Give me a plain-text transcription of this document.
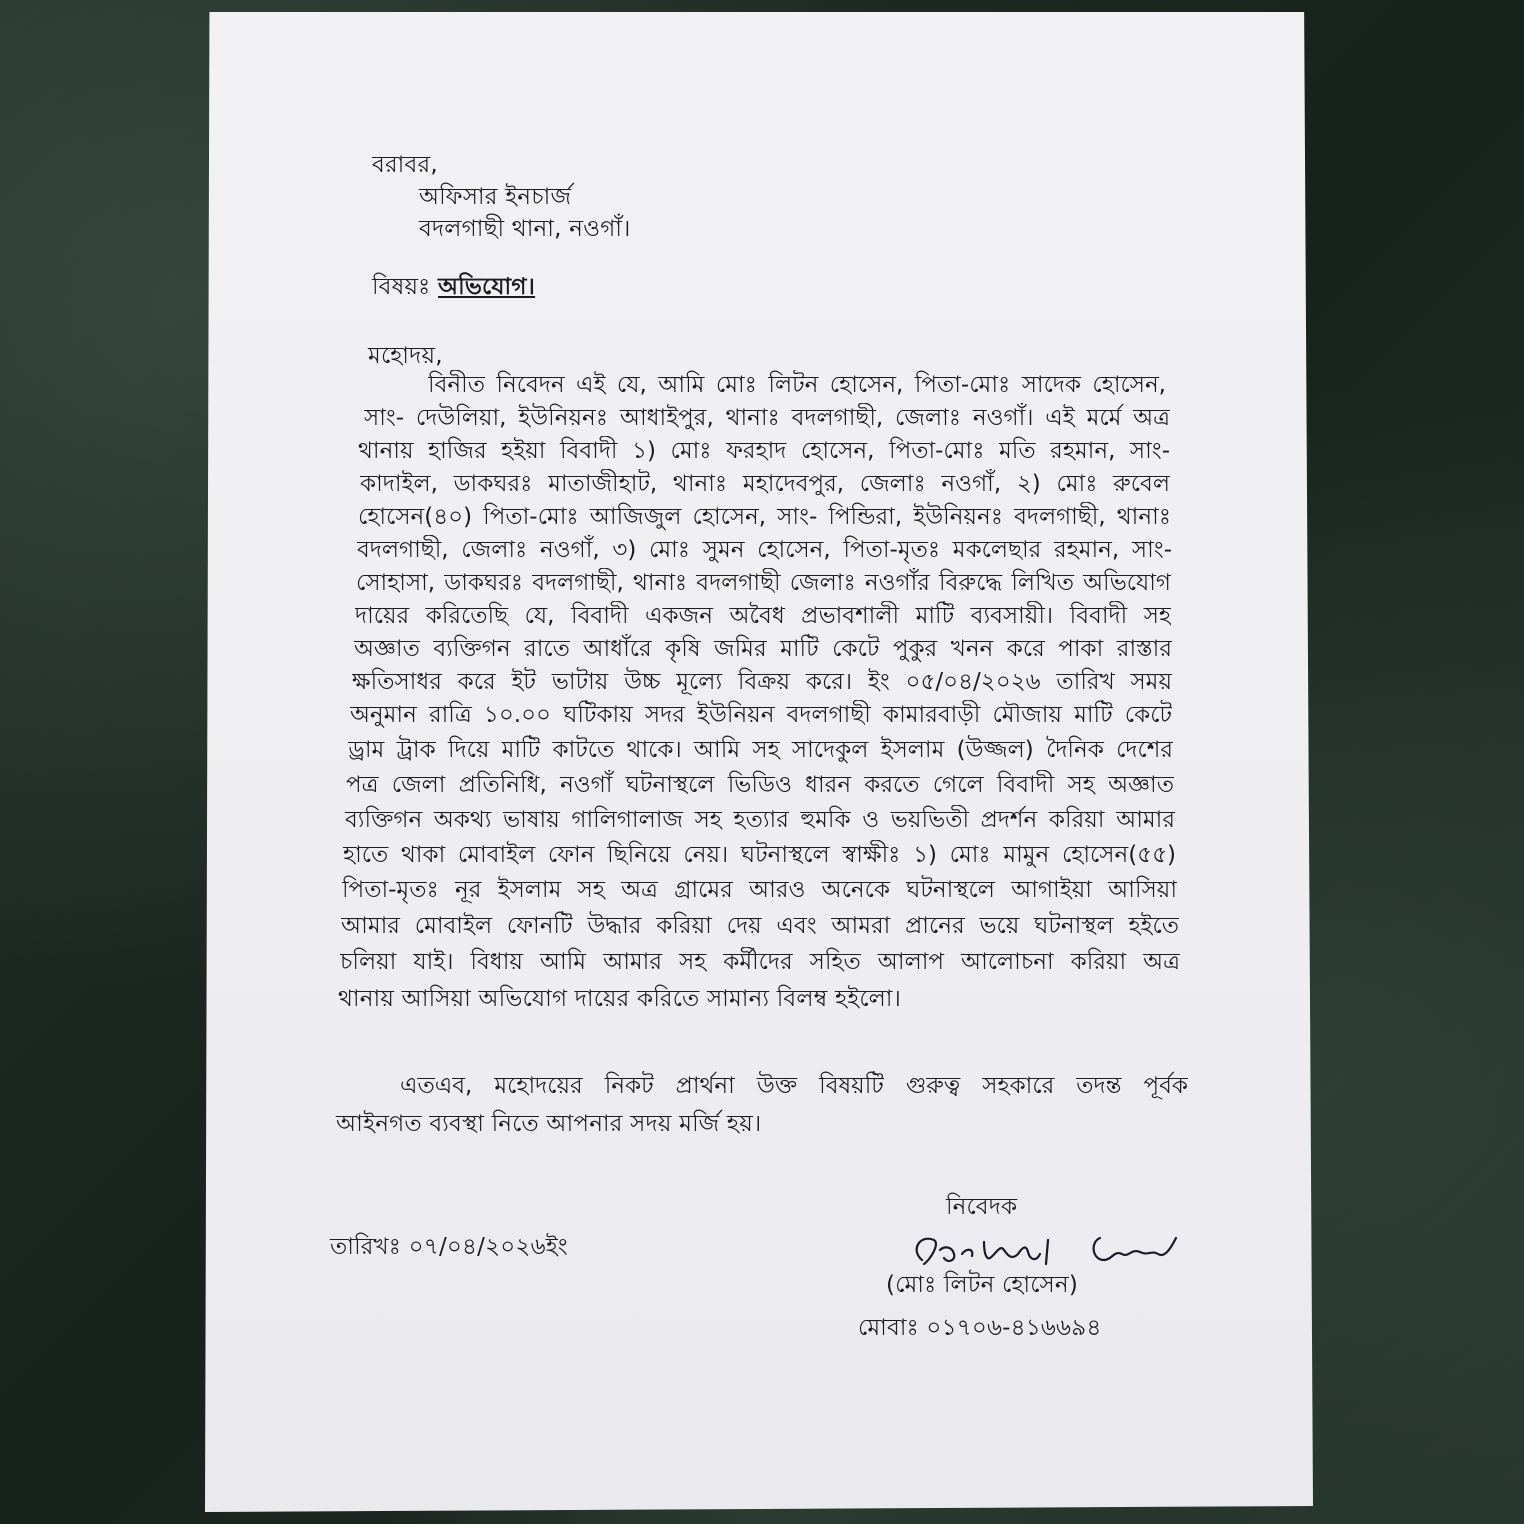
বরাবর,
অফিসার ইনচার্জ
বদলগাছী থানা, নওগাঁ।
বিষয়ঃ অভিযোগ।
মহোদয়,
বিনীত নিবেদন এই যে, আমি মোঃ লিটন হোসেন, পিতা-মোঃ সাদেক হোসেন,
সাং- দেউলিয়া, ইউনিয়নঃ আধাইপুর, থানাঃ বদলগাছী, জেলাঃ নওগাঁ। এই মর্মে অত্র
থানায় হাজির হইয়া বিবাদী ১) মোঃ ফরহাদ হোসেন, পিতা-মোঃ মতি রহমান, সাং-
কাদাইল, ডাকঘরঃ মাতাজীহাট, থানাঃ মহাদেবপুর, জেলাঃ নওগাঁ, ২) মোঃ রুবেল
হোসেন(৪০) পিতা-মোঃ আজিজুল হোসেন, সাং- পিন্ডিরা, ইউনিয়নঃ বদলগাছী, থানাঃ
বদলগাছী, জেলাঃ নওগাঁ, ৩) মোঃ সুমন হোসেন, পিতা-মৃতঃ মকলেছার রহমান, সাং-
সোহাসা, ডাকঘরঃ বদলগাছী, থানাঃ বদলগাছী জেলাঃ নওগাঁর বিরুদ্ধে লিখিত অভিযোগ
দায়ের করিতেছি যে, বিবাদী একজন অবৈধ প্রভাবশালী মাটি ব্যবসায়ী। বিবাদী সহ
অজ্ঞাত ব্যক্তিগন রাতে আধাঁরে কৃষি জমির মাটি কেটে পুকুর খনন করে পাকা রাস্তার
ক্ষতিসাধর করে ইট ভাটায় উচ্চ মূল্যে বিক্রয় করে। ইং ০৫/০৪/২০২৬ তারিখ সময়
অনুমান রাত্রি ১০.০০ ঘটিকায় সদর ইউনিয়ন বদলগাছী কামারবাড়ী মৌজায় মাটি কেটে
ড্রাম ট্রাক দিয়ে মাটি কাটতে থাকে। আমি সহ সাদেকুল ইসলাম (উজ্জল) দৈনিক দেশের
পত্র জেলা প্রতিনিধি, নওগাঁ ঘটনাস্থলে ভিডিও ধারন করতে গেলে বিবাদী সহ অজ্ঞাত
ব্যক্তিগন অকথ্য ভাষায় গালিগালাজ সহ হত্যার হুমকি ও ভয়ভিতী প্রদর্শন করিয়া আমার
হাতে থাকা মোবাইল ফোন ছিনিয়ে নেয়। ঘটনাস্থলে স্বাক্ষীঃ ১) মোঃ মামুন হোসেন(৫৫)
পিতা-মৃতঃ নূর ইসলাম সহ অত্র গ্রামের আরও অনেকে ঘটনাস্থলে আগাইয়া আসিয়া
আমার মোবাইল ফোনটি উদ্ধার করিয়া দেয় এবং আমরা প্রানের ভয়ে ঘটনাস্থল হইতে
চলিয়া যাই। বিধায় আমি আমার সহ কর্মীদের সহিত আলাপ আলোচনা করিয়া অত্র
থানায় আসিয়া অভিযোগ দায়ের করিতে সামান্য বিলম্ব হইলো।
এতএব, মহোদয়ের নিকট প্রার্থনা উক্ত বিষয়টি গুরুত্ব সহকারে তদন্ত পূর্বক
আইনগত ব্যবস্থা নিতে আপনার সদয় মর্জি হয়।
নিবেদক
তারিখঃ ০৭/০৪/২০২৬ইং
(মোঃ লিটন হোসেন)
মোবাঃ ০১৭০৬-৪১৬৬৯৪
